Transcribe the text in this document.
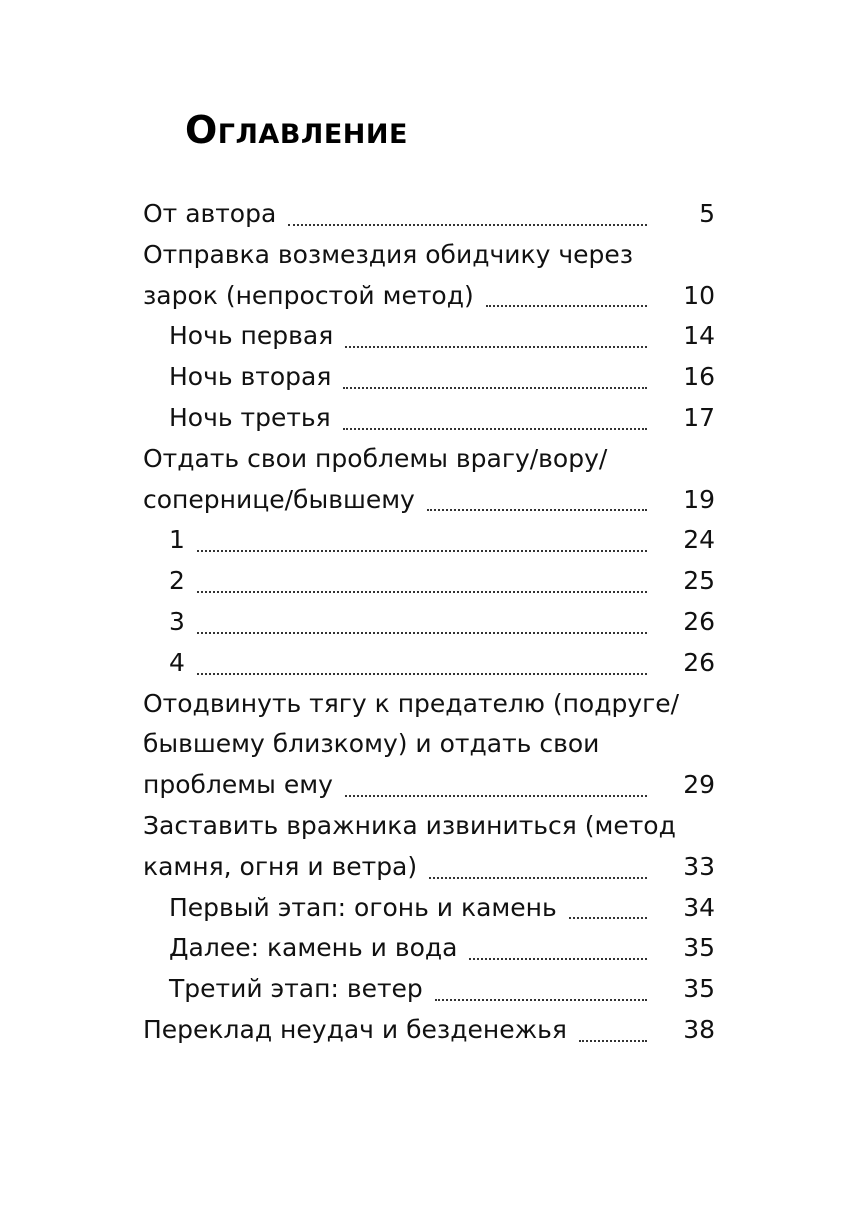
Оглавление
От автора	5
Отправка возмездия обидчику через
зарок (непростой метод)	10
Ночь первая	14
Ночь вторая	16
Ночь третья	17
Отдать свои проблемы врагу/вору/
сопернице/бывшему	19
1	24
2	25
3	26
4	26
Отодвинуть тягу к предателю (подруге/
бывшему близкому) и отдать свои
проблемы ему	29
Заставить вражника извиниться (метод
камня, огня и ветра)	33
Первый этап: огонь и камень	34
Далее: камень и вода	35
Третий этап: ветер	35
Переклад неудач и безденежья	38
